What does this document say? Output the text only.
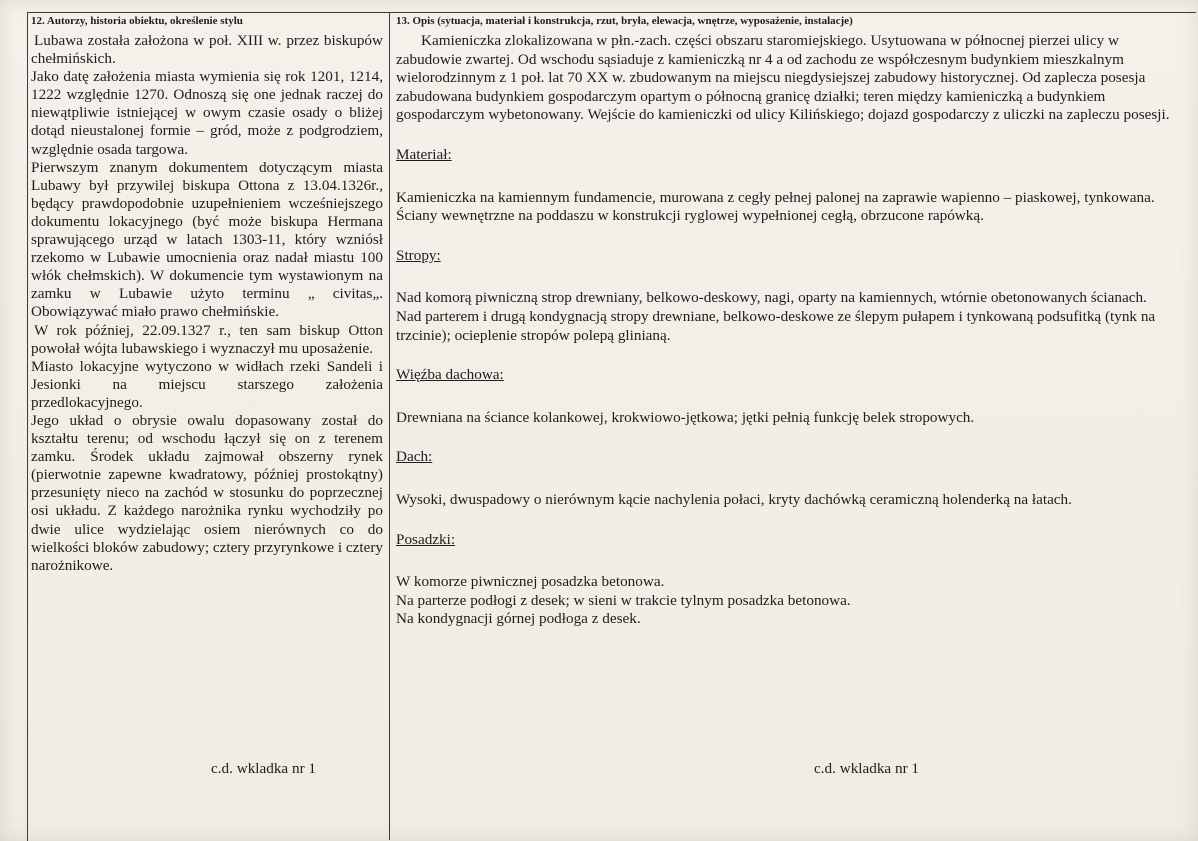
12. Autorzy, historia obiektu, określenie stylu

Lubawa została założona w poł. XIII w. przez biskupów chełmińskich.

Jako datę założenia miasta wymienia się rok 1201, 1214, 1222 względnie 1270. Odnoszą się one jednak raczej do niewątpliwie istniejącej w owym czasie osady o bliżej dotąd nieustalonej formie – gród, może z podgrodziem, względnie osada targowa.

Pierwszym znanym dokumentem dotyczącym miasta Lubawy był przywilej biskupa Ottona z 13.04.1326r., będący prawdopodobnie uzupełnieniem wcześniejszego dokumentu lokacyjnego (być może biskupa Hermana sprawującego urząd w latach 1303-11, który wzniósł rzekomo w Lubawie umocnienia oraz nadał miastu 100 włók chełmskich). W dokumencie tym wystawionym na zamku w Lubawie użyto terminu „ civitas„. Obowiązywać miało prawo chełmińskie.

W rok później, 22.09.1327 r., ten sam biskup Otton powołał wójta lubawskiego i wyznaczył mu uposażenie.

Miasto lokacyjne wytyczono w widłach rzeki Sandeli i Jesionki na miejscu starszego założenia przedlokacyjnego.

Jego układ o obrysie owalu dopasowany został do kształtu terenu; od wschodu łączył się on z terenem zamku. Środek układu zajmował obszerny rynek (pierwotnie zapewne kwadratowy, później prostokątny) przesunięty nieco na zachód w stosunku do poprzecznej osi układu. Z każdego narożnika rynku wychodziły po dwie ulice wydzielając osiem nierównych co do wielkości bloków zabudowy; cztery przyrynkowe i cztery narożnikowe.

13. Opis (sytuacja, materiał i konstrukcja, rzut, bryła, elewacja, wnętrze, wyposażenie, instalacje)

Kamieniczka zlokalizowana w płn.-zach. części obszaru staromiejskiego. Usytuowana w północnej pierzei ulicy w zabudowie zwartej. Od wschodu sąsiaduje z kamieniczką nr 4 a od zachodu ze współczesnym budynkiem mieszkalnym wielorodzinnym z 1 poł. lat 70 XX w. zbudowanym na miejscu niegdysiejszej zabudowy historycznej. Od zaplecza posesja zabudowana budynkiem gospodarczym opartym o północną granicę działki; teren między kamieniczką a budynkiem gospodarczym wybetonowany. Wejście do kamieniczki od ulicy Kilińskiego; dojazd gospodarczy z uliczki na zapleczu posesji.

Materiał:

Kamieniczka na kamiennym fundamencie, murowana z cegły pełnej palonej na zaprawie wapienno – piaskowej, tynkowana. Ściany wewnętrzne na poddaszu w konstrukcji ryglowej wypełnionej cegłą, obrzucone rapówką.

Stropy:

Nad komorą piwniczną strop drewniany, belkowo-deskowy, nagi, oparty na kamiennych, wtórnie obetonowanych ścianach.

Nad parterem i drugą kondygnacją stropy drewniane, belkowo-deskowe ze ślepym pułapem i tynkowaną podsufitką (tynk na trzcinie); ocieplenie stropów polepą glinianą.

Więźba dachowa:

Drewniana na ściance kolankowej, krokwiowo-jętkowa; jętki pełnią funkcję belek stropowych.

Dach:

Wysoki, dwuspadowy o nierównym kącie nachylenia połaci, kryty dachówką ceramiczną holenderką na łatach.

Posadzki:

W komorze piwnicznej posadzka betonowa.

Na parterze podłogi z desek; w sieni w trakcie tylnym posadzka betonowa.

Na kondygnacji górnej podłoga z desek.

c.d. wkladka nr 1	c.d. wkladka nr 1
